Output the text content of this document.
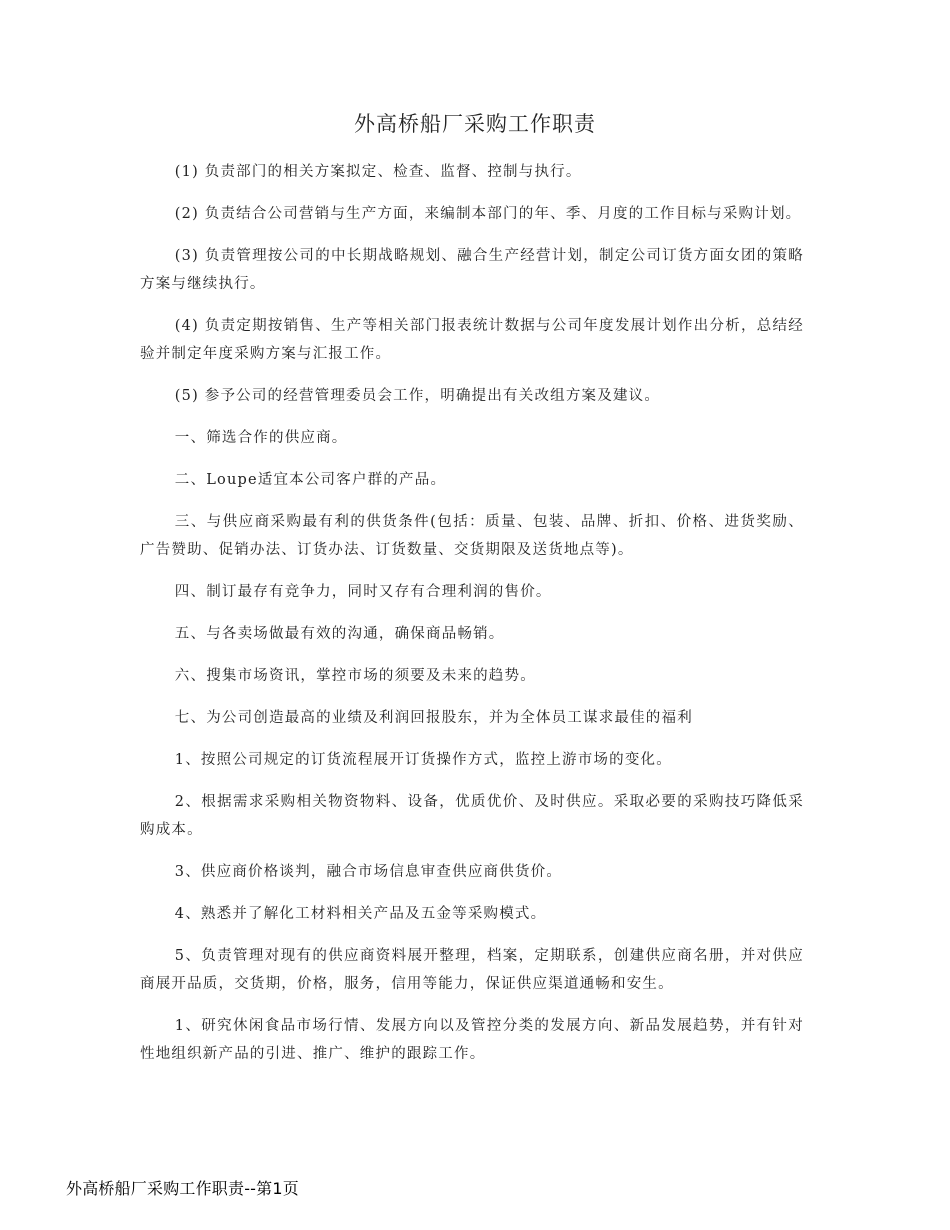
外高桥船厂采购工作职责

(1) 负责部门的相关方案拟定、检查、监督、控制与执行。

(2) 负责结合公司营销与生产方面，来编制本部门的年、季、月度的工作目标与采购计划。

(3) 负责管理按公司的中长期战略规划、融合生产经营计划，制定公司订货方面女团的策略方案与继续执行。

(4) 负责定期按销售、生产等相关部门报表统计数据与公司年度发展计划作出分析，总结经验并制定年度采购方案与汇报工作。

(5) 参予公司的经营管理委员会工作，明确提出有关改组方案及建议。

一、筛选合作的供应商。

二、Loupe适宜本公司客户群的产品。

三、与供应商采购最有利的供货条件(包括：质量、包装、品牌、折扣、价格、进货奖励、广告赞助、促销办法、订货办法、订货数量、交货期限及送货地点等)。

四、制订最存有竞争力，同时又存有合理利润的售价。

五、与各卖场做最有效的沟通，确保商品畅销。

六、搜集市场资讯，掌控市场的须要及未来的趋势。

七、为公司创造最高的业绩及利润回报股东，并为全体员工谋求最佳的福利

1、按照公司规定的订货流程展开订货操作方式，监控上游市场的变化。

2、根据需求采购相关物资物料、设备，优质优价、及时供应。采取必要的采购技巧降低采购成本。

3、供应商价格谈判，融合市场信息审查供应商供货价。

4、熟悉并了解化工材料相关产品及五金等采购模式。

5、负责管理对现有的供应商资料展开整理，档案，定期联系，创建供应商名册，并对供应商展开品质，交货期，价格，服务，信用等能力，保证供应渠道通畅和安生。

1、研究休闲食品市场行情、发展方向以及管控分类的发展方向、新品发展趋势，并有针对性地组织新产品的引进、推广、维护的跟踪工作。

外高桥船厂采购工作职责--第1页
